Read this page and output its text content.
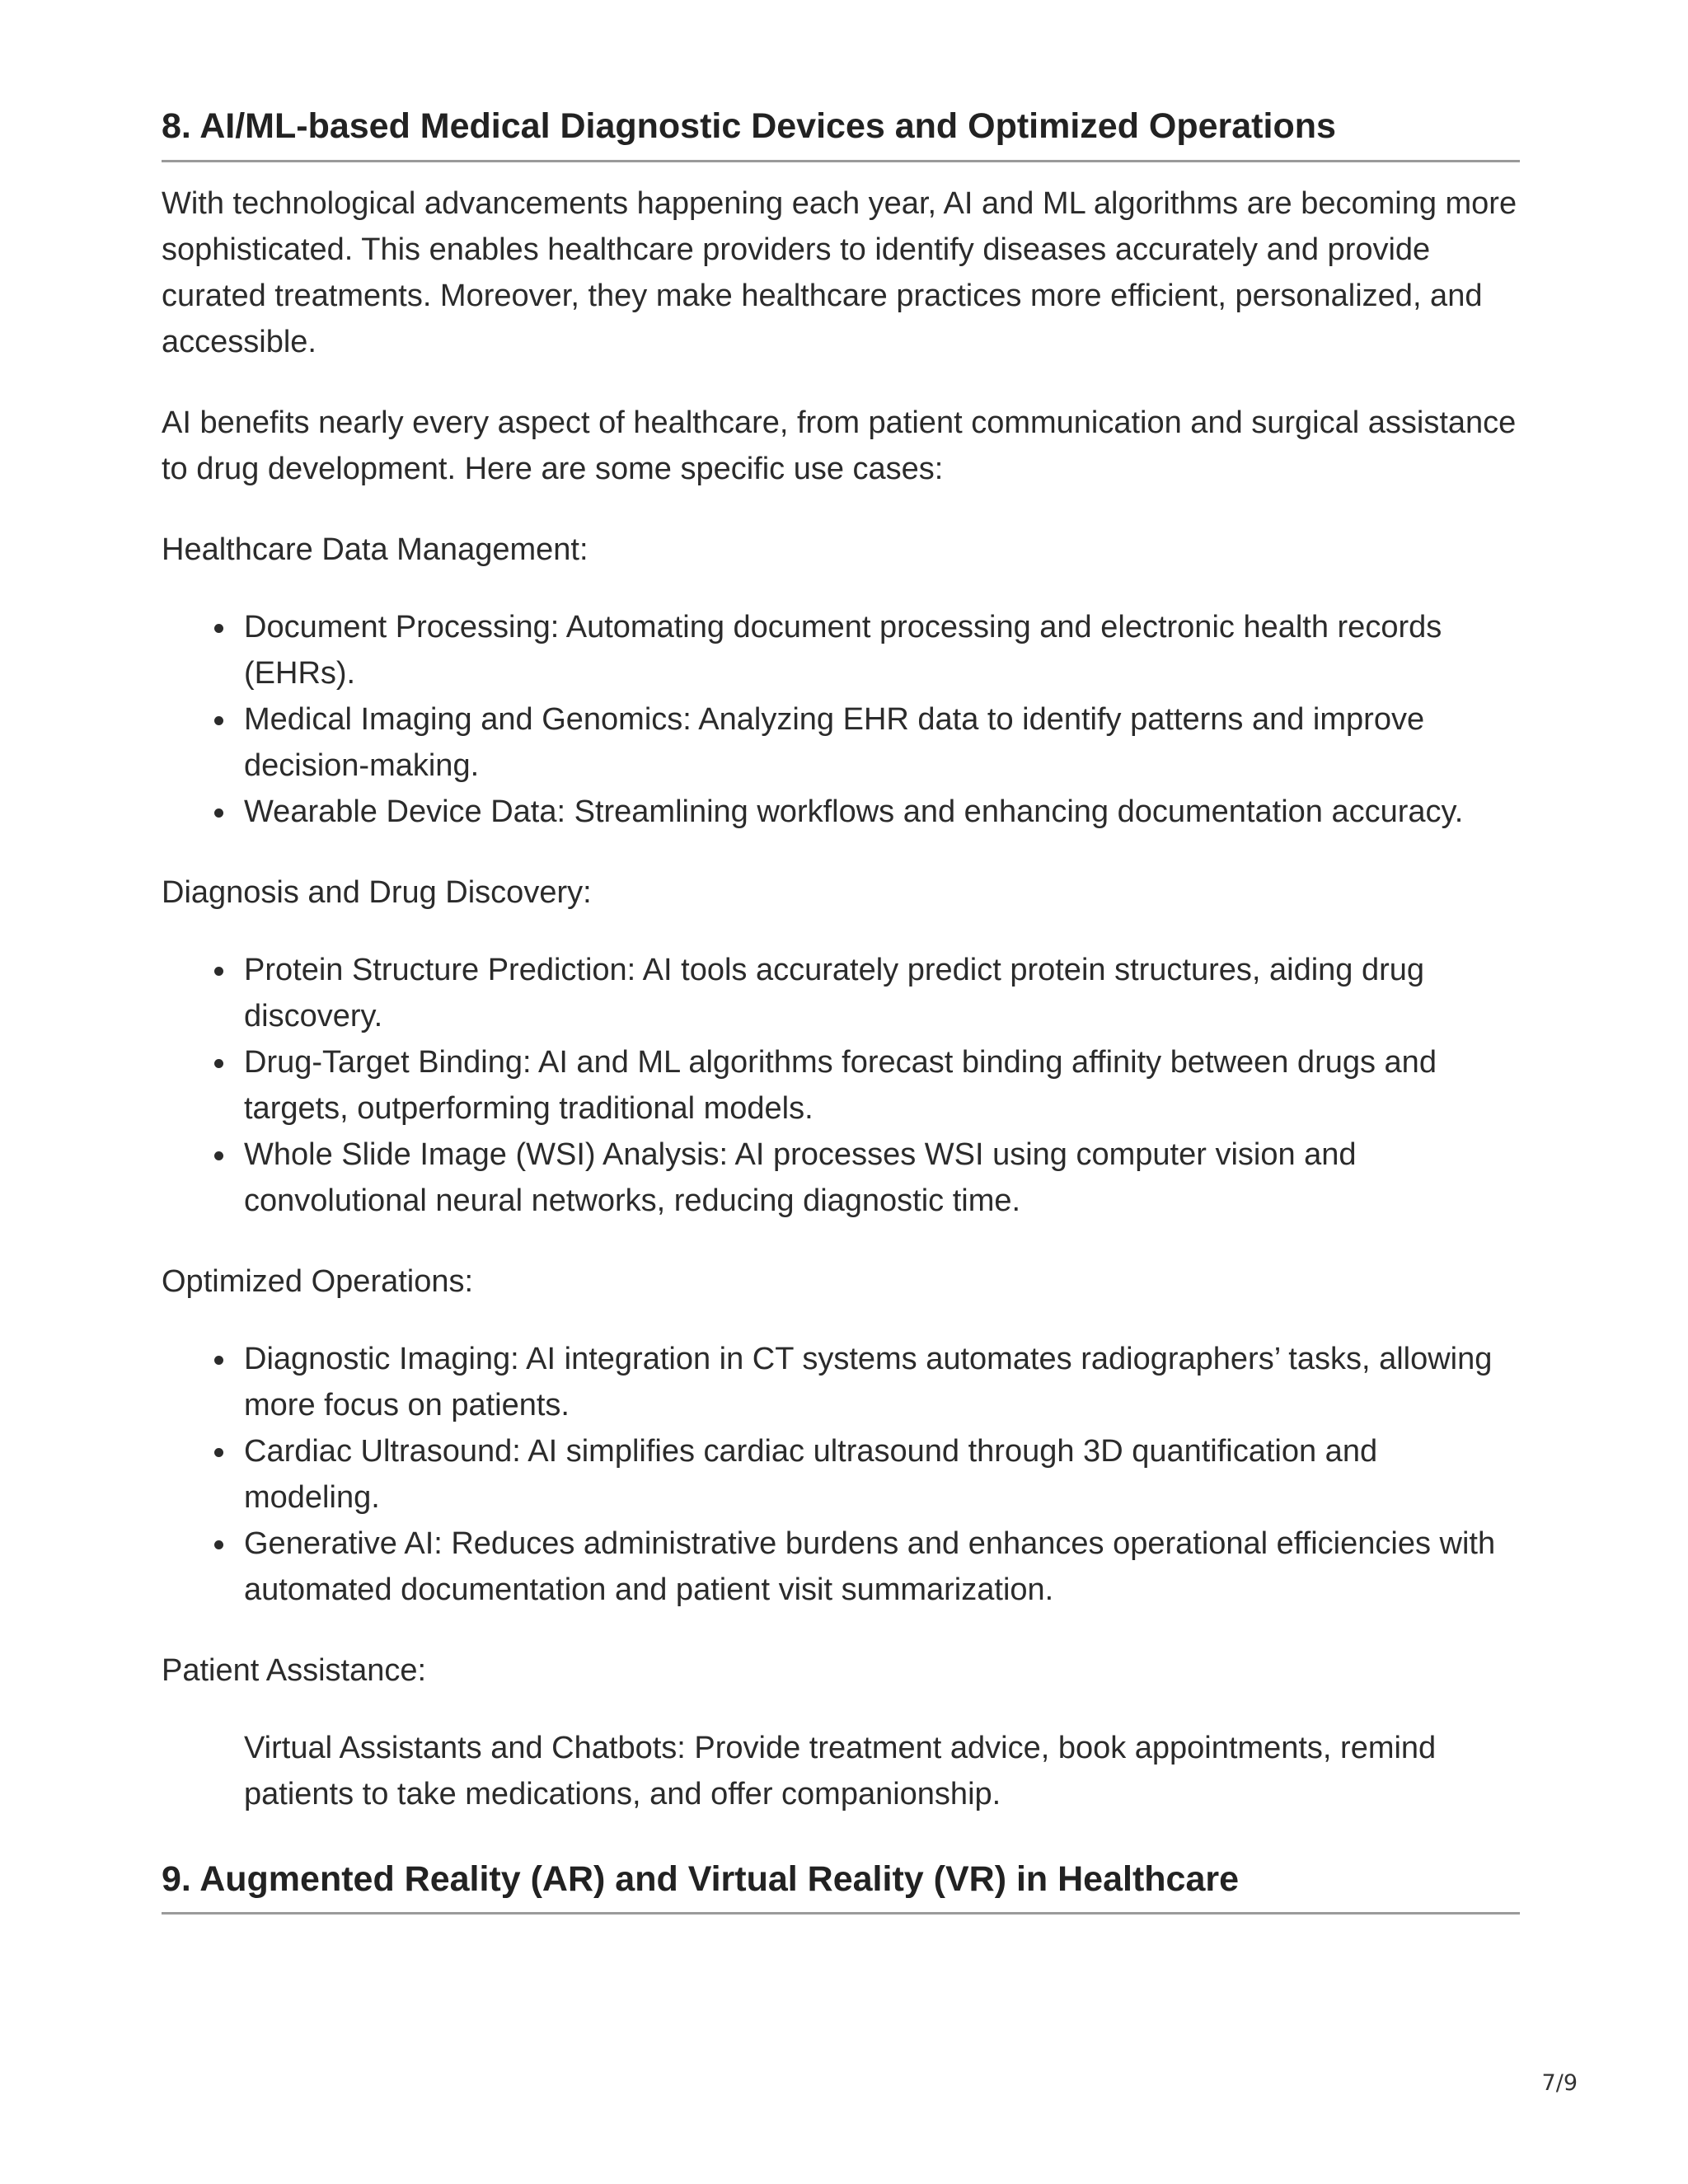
8. AI/ML-based Medical Diagnostic Devices and Optimized Operations

With technological advancements happening each year, AI and ML algorithms are becoming more sophisticated. This enables healthcare providers to identify diseases accurately and provide curated treatments. Moreover, they make healthcare practices more efficient, personalized, and accessible.

AI benefits nearly every aspect of healthcare, from patient communication and surgical assistance to drug development. Here are some specific use cases:

Healthcare Data Management:

Document Processing: Automating document processing and electronic health records (EHRs).
Medical Imaging and Genomics: Analyzing EHR data to identify patterns and improve decision-making.
Wearable Device Data: Streamlining workflows and enhancing documentation accuracy.

Diagnosis and Drug Discovery:

Protein Structure Prediction: AI tools accurately predict protein structures, aiding drug discovery.
Drug-Target Binding: AI and ML algorithms forecast binding affinity between drugs and targets, outperforming traditional models.
Whole Slide Image (WSI) Analysis: AI processes WSI using computer vision and convolutional neural networks, reducing diagnostic time.

Optimized Operations:

Diagnostic Imaging: AI integration in CT systems automates radiographers’ tasks, allowing more focus on patients.
Cardiac Ultrasound: AI simplifies cardiac ultrasound through 3D quantification and modeling.
Generative AI: Reduces administrative burdens and enhances operational efficiencies with automated documentation and patient visit summarization.

Patient Assistance:

Virtual Assistants and Chatbots: Provide treatment advice, book appointments, remind patients to take medications, and offer companionship.

9. Augmented Reality (AR) and Virtual Reality (VR) in Healthcare
7/9
